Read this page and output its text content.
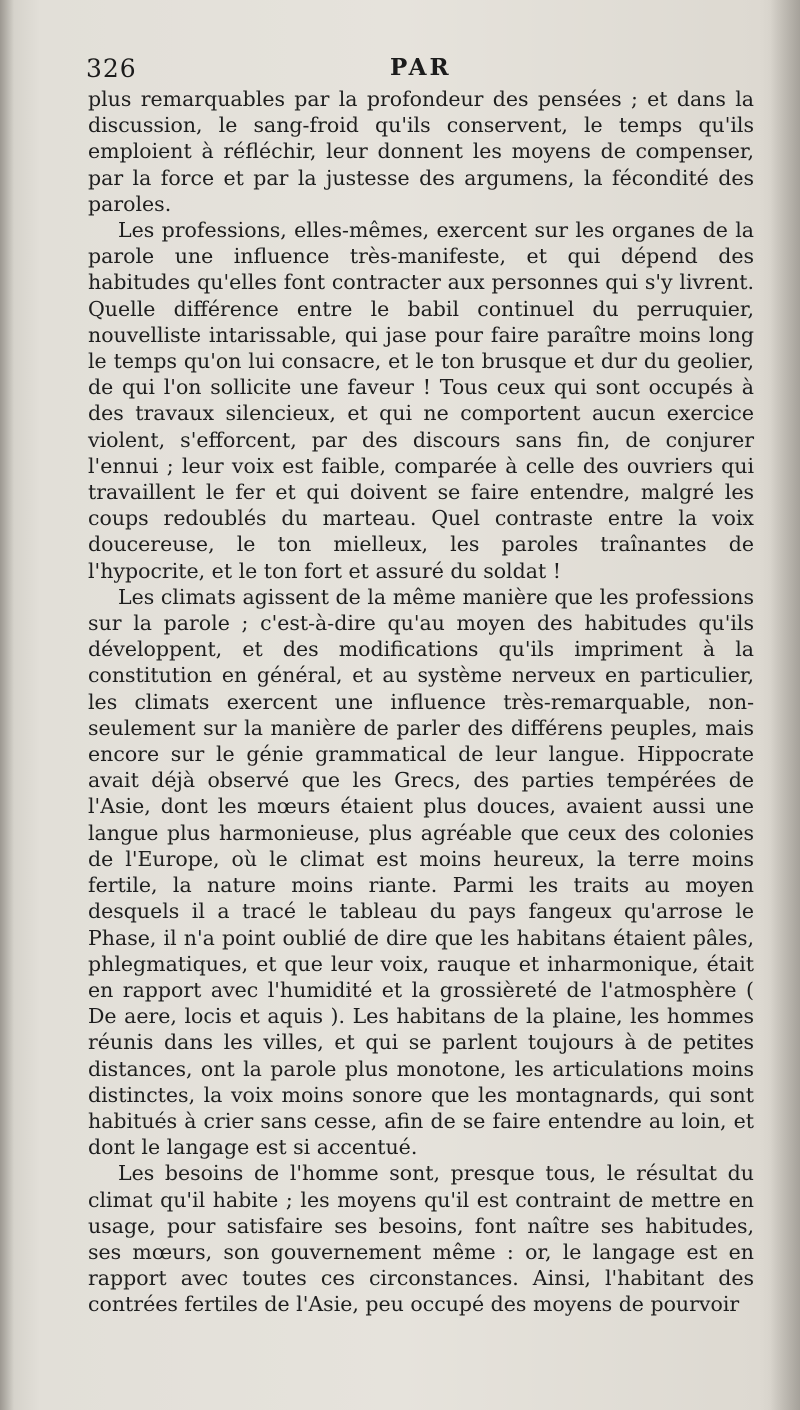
326	PAR

plus remarquables par la profondeur des pensées ; et dans la discussion, le sang-froid qu'ils conservent, le temps qu'ils emploient à réfléchir, leur donnent les moyens de compenser, par la force et par la justesse des argumens, la fécondité des paroles.

Les professions, elles-mêmes, exercent sur les organes de la parole une influence très-manifeste, et qui dépend des habitudes qu'elles font contracter aux personnes qui s'y livrent. Quelle différence entre le babil continuel du perruquier, nouvelliste intarissable, qui jase pour faire paraître moins long le temps qu'on lui consacre, et le ton brusque et dur du geolier, de qui l'on sollicite une faveur ! Tous ceux qui sont occupés à des travaux silencieux, et qui ne comportent aucun exercice violent, s'efforcent, par des discours sans fin, de conjurer l'ennui ; leur voix est faible, comparée à celle des ouvriers qui travaillent le fer et qui doivent se faire entendre, malgré les coups redoublés du marteau. Quel contraste entre la voix doucereuse, le ton mielleux, les paroles traînantes de l'hypocrite, et le ton fort et assuré du soldat !

Les climats agissent de la même manière que les professions sur la parole ; c'est-à-dire qu'au moyen des habitudes qu'ils développent, et des modifications qu'ils impriment à la constitution en général, et au système nerveux en particulier, les climats exercent une influence très-remarquable, non-seulement sur la manière de parler des différens peuples, mais encore sur le génie grammatical de leur langue. Hippocrate avait déjà observé que les Grecs, des parties tempérées de l'Asie, dont les mœurs étaient plus douces, avaient aussi une langue plus harmonieuse, plus agréable que ceux des colonies de l'Europe, où le climat est moins heureux, la terre moins fertile, la nature moins riante. Parmi les traits au moyen desquels il a tracé le tableau du pays fangeux qu'arrose le Phase, il n'a point oublié de dire que les habitans étaient pâles, phlegmatiques, et que leur voix, rauque et inharmonique, était en rapport avec l'humidité et la grossièreté de l'atmosphère ( De aere, locis et aquis ). Les habitans de la plaine, les hommes réunis dans les villes, et qui se parlent toujours à de petites distances, ont la parole plus monotone, les articulations moins distinctes, la voix moins sonore que les montagnards, qui sont habitués à crier sans cesse, afin de se faire entendre au loin, et dont le langage est si accentué.

Les besoins de l'homme sont, presque tous, le résultat du climat qu'il habite ; les moyens qu'il est contraint de mettre en usage, pour satisfaire ses besoins, font naître ses habitudes, ses mœurs, son gouvernement même : or, le langage est en rapport avec toutes ces circonstances. Ainsi, l'habitant des contrées fertiles de l'Asie, peu occupé des moyens de pourvoir
